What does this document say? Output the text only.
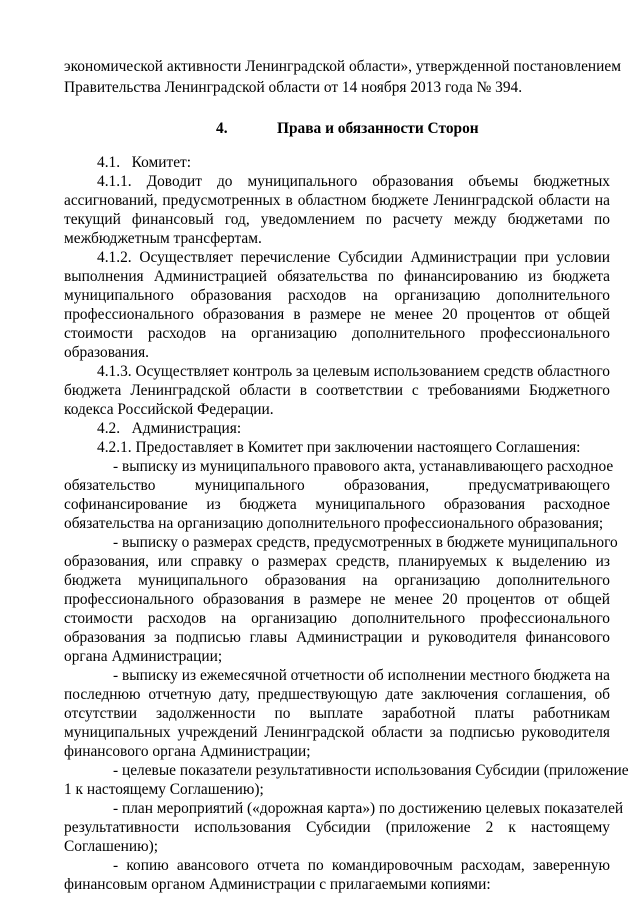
экономической активности Ленинградской области», утвержденной постановлением
Правительства Ленинградской области от 14 ноября 2013 года № 394.
4.	Права и обязанности Сторон
4.1.   Комитет:
4.1.1. Доводит до муниципального образования объемы бюджетных
ассигнований, предусмотренных в областном бюджете Ленинградской области на
текущий финансовый год, уведомлением по расчету между бюджетами по
межбюджетным трансфертам.
4.1.2. Осуществляет перечисление Субсидии Администрации при условии
выполнения Администрацией обязательства по финансированию из бюджета
муниципального образования расходов на организацию дополнительного
профессионального образования в размере не менее 20 процентов от общей
стоимости расходов на организацию дополнительного профессионального
образования.
4.1.3. Осуществляет контроль за целевым использованием средств областного
бюджета Ленинградской области в соответствии с требованиями Бюджетного
кодекса Российской Федерации.
4.2.   Администрация:
4.2.1. Предоставляет в Комитет при заключении настоящего Соглашения:
- выписку из муниципального правового акта, устанавливающего расходное
обязательство муниципального образования, предусматривающего
софинансирование из бюджета муниципального образования расходное
обязательства на организацию дополнительного профессионального образования;
- выписку о размерах средств, предусмотренных в бюджете муниципального
образования, или справку о размерах средств, планируемых к выделению из
бюджета муниципального образования на организацию дополнительного
профессионального образования в размере не менее 20 процентов от общей
стоимости расходов на организацию дополнительного профессионального
образования за подписью главы Администрации и руководителя финансового
органа Администрации;
- выписку из ежемесячной отчетности об исполнении местного бюджета на
последнюю отчетную дату, предшествующую дате заключения соглашения, об
отсутствии задолженности по выплате заработной платы работникам
муниципальных учреждений Ленинградской области за подписью руководителя
финансового органа Администрации;
- целевые показатели результативности использования Субсидии (приложение
1 к настоящему Соглашению);
- план мероприятий («дорожная карта») по достижению целевых показателей
результативности использования Субсидии (приложение 2 к настоящему
Соглашению);
- копию авансового отчета по командировочным расходам, заверенную
финансовым органом Администрации с прилагаемыми копиями:
